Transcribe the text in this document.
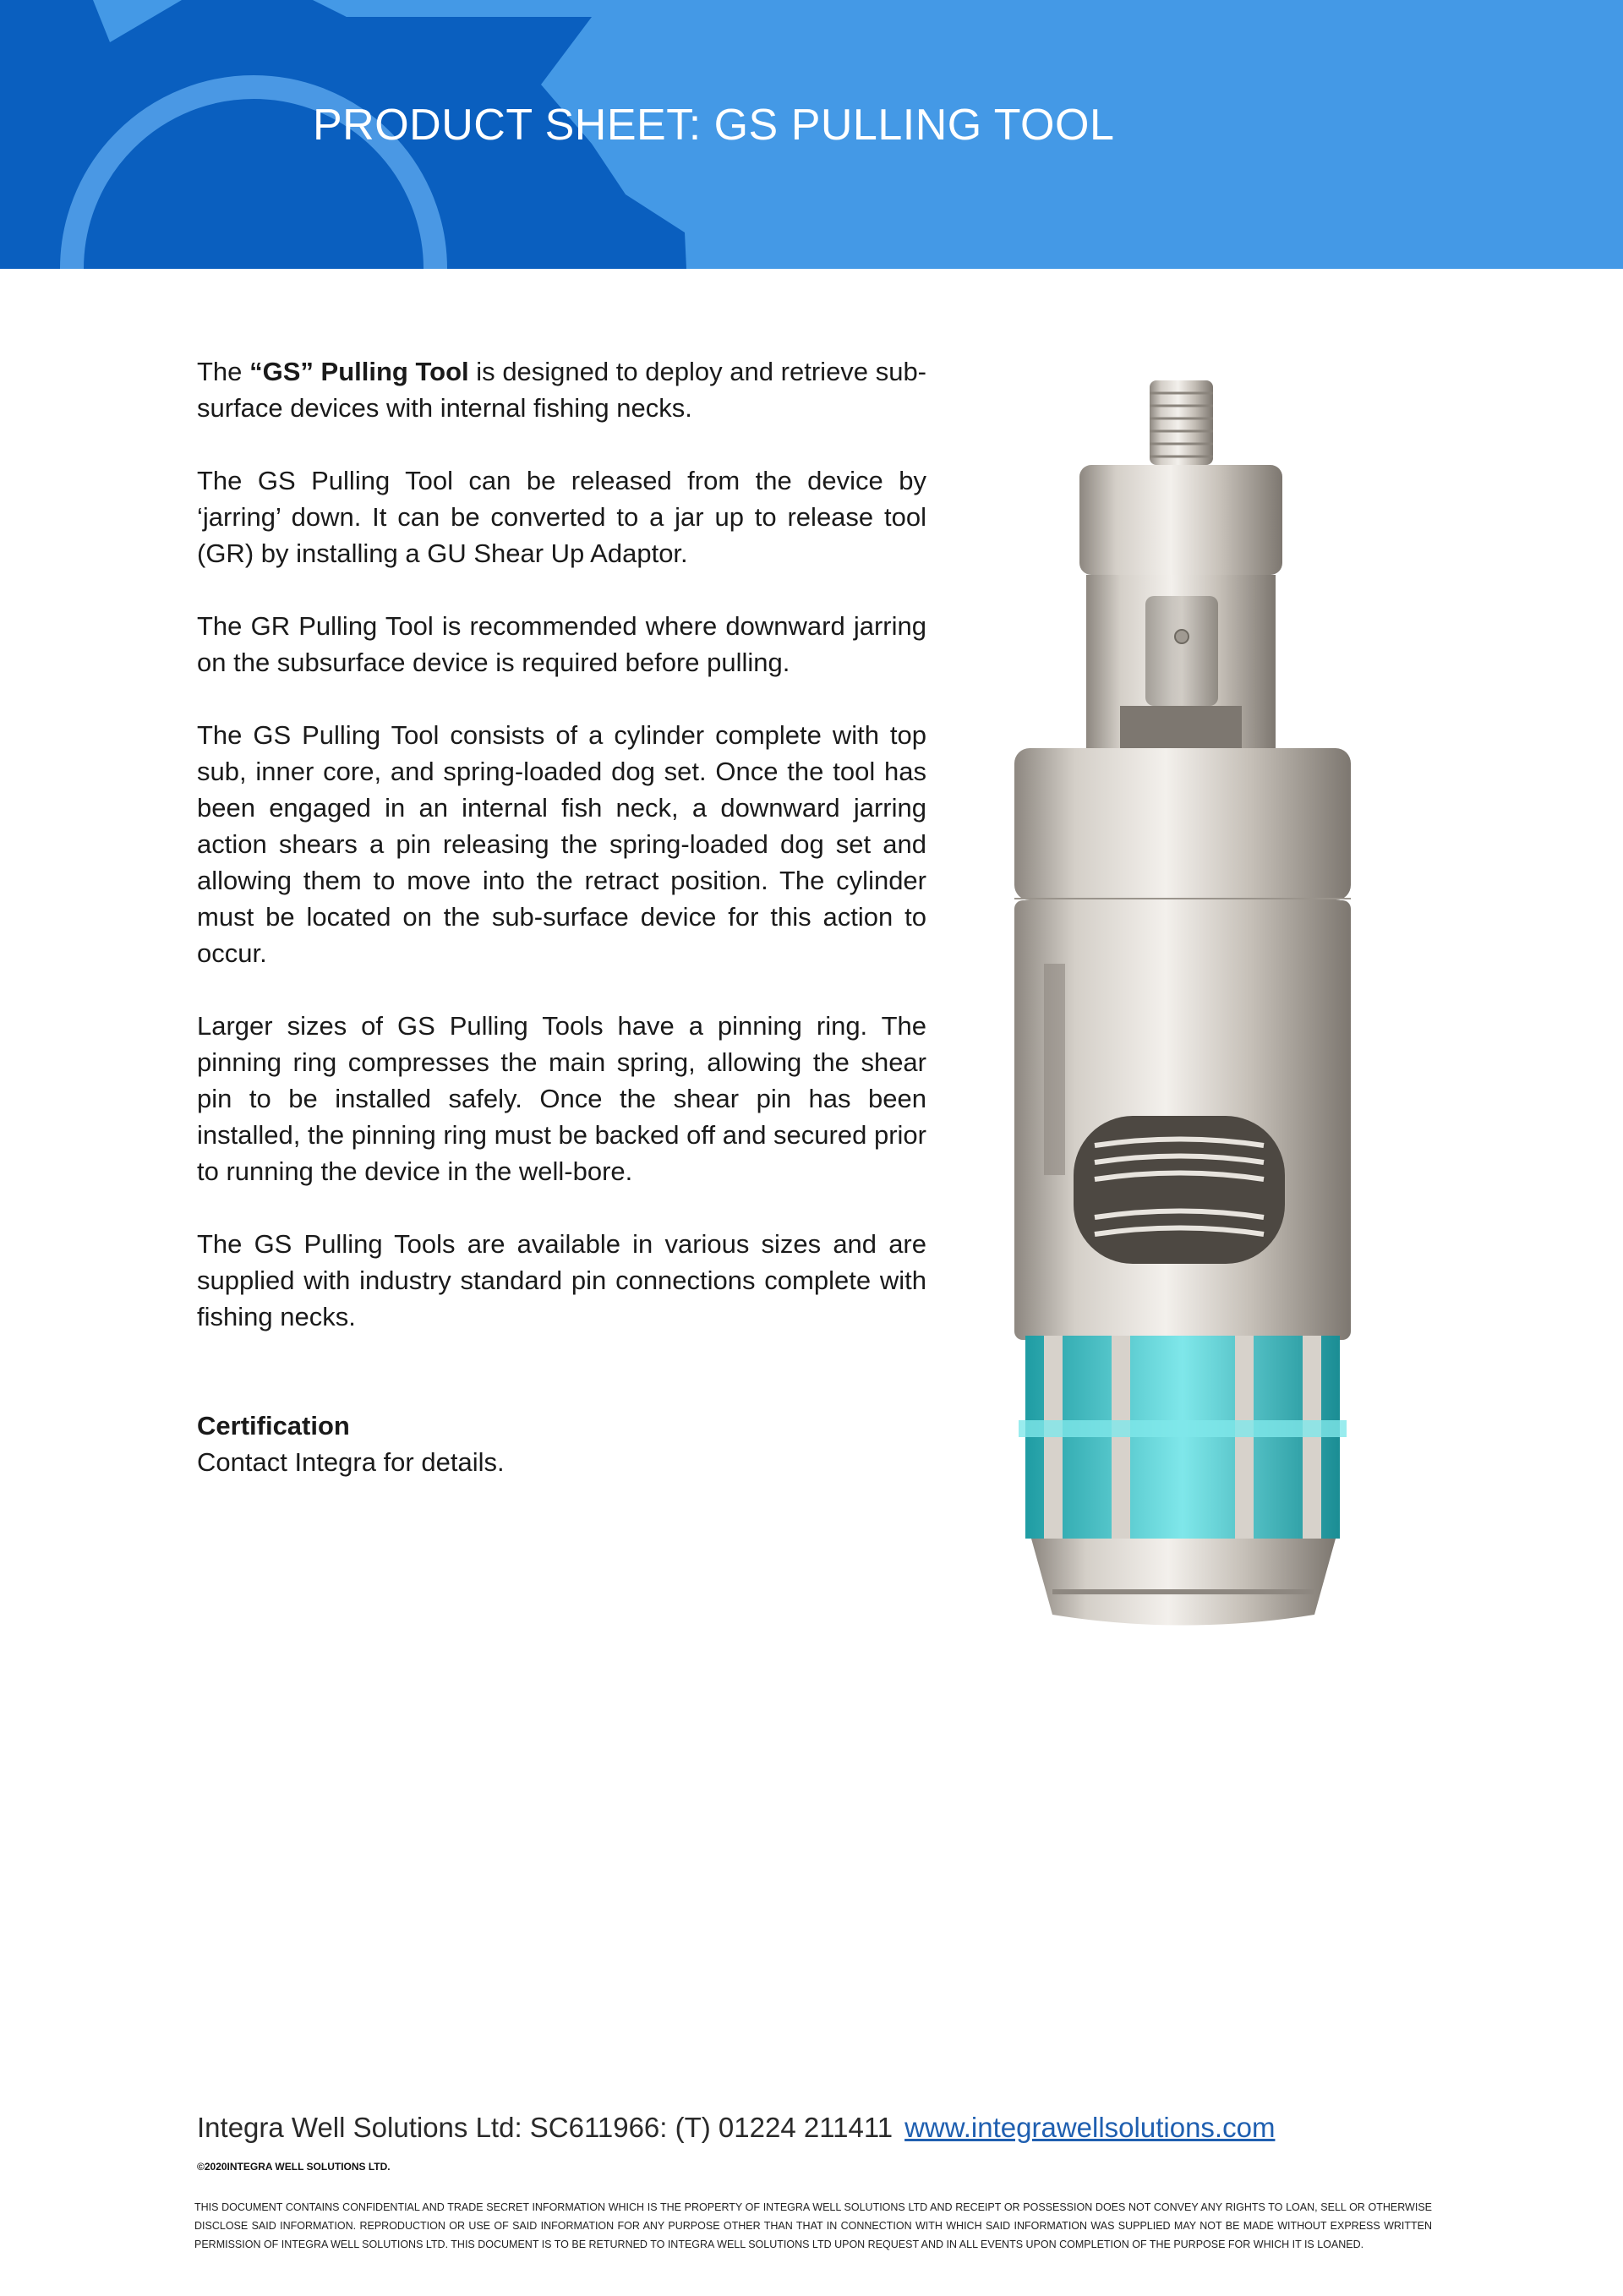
PRODUCT SHEET: GS PULLING TOOL

The “GS” Pulling Tool is designed to deploy and retrieve sub-surface devices with internal fishing necks.

The GS Pulling Tool can be released from the device by ‘jarring’ down. It can be converted to a jar up to release tool (GR) by installing a GU Shear Up Adaptor.

The GR Pulling Tool is recommended where downward jarring on the subsurface device is required before pulling.

The GS Pulling Tool consists of a cylinder complete with top sub, inner core, and spring-loaded dog set. Once the tool has been engaged in an internal fish neck, a downward jarring action shears a pin releasing the spring-loaded dog set and allowing them to move into the retract position. The cylinder must be located on the sub-surface device for this action to occur.

Larger sizes of GS Pulling Tools have a pinning ring. The pinning ring compresses the main spring, allowing the shear pin to be installed safely. Once the shear pin has been installed, the pinning ring must be backed off and secured prior to running the device in the well-bore.

The GS Pulling Tools are available in various sizes and are supplied with industry standard pin connections complete with fishing necks.

Certification
Contact Integra for details.
Integra Well Solutions Ltd: SC611966: (T) 01224 211411 www.integrawellsolutions.com
©2020INTEGRA WELL SOLUTIONS LTD.
THIS DOCUMENT CONTAINS CONFIDENTIAL AND TRADE SECRET INFORMATION WHICH IS THE PROPERTY OF INTEGRA WELL SOLUTIONS LTD AND RECEIPT OR POSSESSION DOES NOT CONVEY ANY RIGHTS TO LOAN, SELL OR OTHERWISE DISCLOSE SAID INFORMATION. REPRODUCTION OR USE OF SAID INFORMATION FOR ANY PURPOSE OTHER THAN THAT IN CONNECTION WITH WHICH SAID INFORMATION WAS SUPPLIED MAY NOT BE MADE WITHOUT EXPRESS WRITTEN PERMISSION OF INTEGRA WELL SOLUTIONS LTD. THIS DOCUMENT IS TO BE RETURNED TO INTEGRA WELL SOLUTIONS LTD UPON REQUEST AND IN ALL EVENTS UPON COMPLETION OF THE PURPOSE FOR WHICH IT IS LOANED.
